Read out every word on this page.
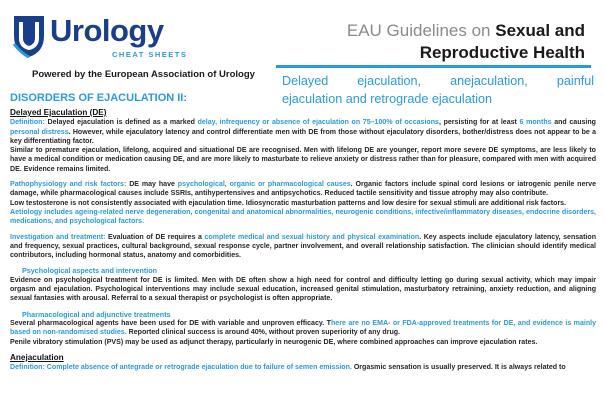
Urology
CHEAT SHEETS
Powered by the European Association of Urology
EAU Guidelines on Sexual and
Reproductive Health
Delayed ejaculation, anejaculation, painful
ejaculation and retrograde ejaculation
DISORDERS OF EJACULATION II:
Delayed Ejaculation (DE)

Definition: Delayed ejaculation is defined as a marked delay, infrequency or absence of ejaculation on 75–100% of occasions, persisting for at least 6 months and causing personal distress. However, while ejaculatory latency and control differentiate men with DE from those without ejaculatory disorders, bother/distress does not appear to be a key differentiating factor.

Similar to premature ejaculation, lifelong, acquired and situational DE are recognised. Men with lifelong DE are younger, report more severe DE symptoms, are less likely to have a medical condition or medication causing DE, and are more likely to masturbate to relieve anxiety or distress rather than for pleasure, compared with men with acquired DE. Evidence remains limited.

Pathophysiology and risk factors: DE may have psychological, organic or pharmacological causes. Organic factors include spinal cord lesions or iatrogenic penile nerve damage, while pharmacological causes include SSRIs, antihypertensives and antipsychotics. Reduced tactile sensitivity and tissue atrophy may also contribute.

Low testosterone is not consistently associated with ejaculation time. Idiosyncratic masturbation patterns and low desire for sexual stimuli are additional risk factors.

Aetiology includes ageing-related nerve degeneration, congenital and anatomical abnormalities, neurogenic conditions, infective/inflammatory diseases, endocrine disorders, medications, and psychological factors.

Investigation and treatment: Evaluation of DE requires a complete medical and sexual history and physical examination. Key aspects include ejaculatory latency, sensation and frequency, sexual practices, cultural background, sexual response cycle, partner involvement, and overall relationship satisfaction. The clinician should identify medical contributors, including hormonal status, anatomy and comorbidities.

Psychological aspects and intervention

Evidence on psychological treatment for DE is limited. Men with DE often show a high need for control and difficulty letting go during sexual activity, which may impair orgasm and ejaculation. Psychological interventions may include sexual education, increased genital stimulation, masturbatory retraining, anxiety reduction, and aligning sexual fantasies with arousal. Referral to a sexual therapist or psychologist is often appropriate.

Pharmacological and adjunctive treatments

Several pharmacological agents have been used for DE with variable and unproven efficacy. There are no EMA- or FDA-approved treatments for DE, and evidence is mainly based on non-randomised studies. Reported clinical success is around 40%, without proven superiority of any drug.

Penile vibratory stimulation (PVS) may be used as adjunct therapy, particularly in neurogenic DE, where combined approaches can improve ejaculation rates.

Anejaculation

Definition: Complete absence of antegrade or retrograde ejaculation due to failure of semen emission. Orgasmic sensation is usually preserved. It is always related to
